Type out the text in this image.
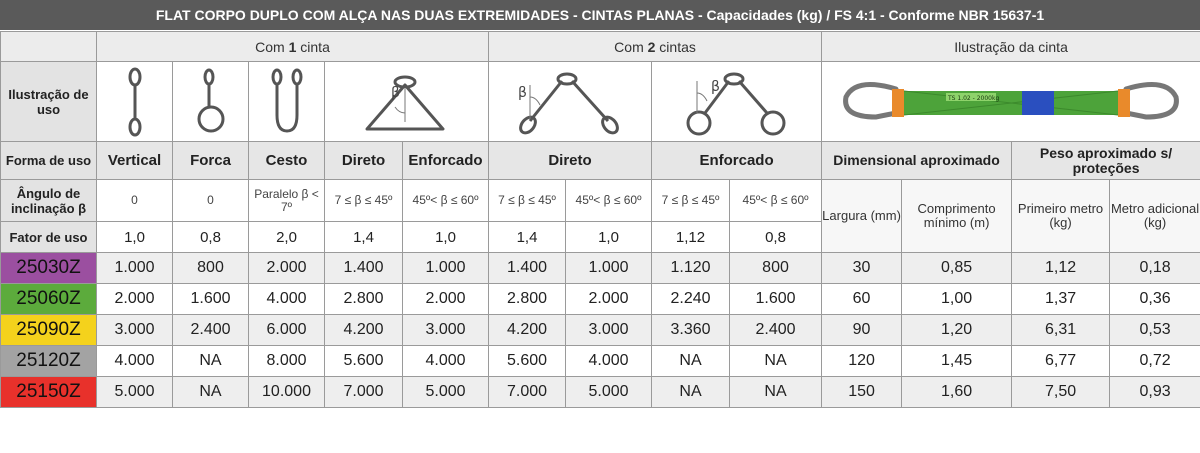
FLAT CORPO DUPLO COM ALÇA NAS DUAS EXTREMIDADES - CINTAS PLANAS - Capacidades (kg) / FS 4:1 - Conforme NBR 15637-1
	Com 1 cinta					Com 2 cintas				Ilustração da cinta			
Ilustração de uso				β		β		β		TS 1.02 - 2000kg			

Forma de uso	Vertical	Forca	Cesto	Direto	Enforcado	Direto		Enforcado		Dimensional aproximado		Peso aproximado s/ proteções	
Ângulo de inclinação β	0	0	Paralelo β < 7º	7 ≤ β ≤ 45º	45º< β ≤ 60º	7 ≤ β ≤ 45º	45º< β ≤ 60º	7 ≤ β ≤ 45º	45º< β ≤ 60º	Largura (mm)	Comprimento mínimo (m)	Primeiro metro (kg)	Metro adicional (kg)
Fator de uso	1,0	0,8	2,0	1,4	1,0	1,4	1,0	1,12	0,8				
25030Z	1.000	800	2.000	1.400	1.000	1.400	1.000	1.120	800	30	0,85	1,12	0,18
25060Z	2.000	1.600	4.000	2.800	2.000	2.800	2.000	2.240	1.600	60	1,00	1,37	0,36
25090Z	3.000	2.400	6.000	4.200	3.000	4.200	3.000	3.360	2.400	90	1,20	6,31	0,53
25120Z	4.000	NA	8.000	5.600	4.000	5.600	4.000	NA	NA	120	1,45	6,77	0,72
25150Z	5.000	NA	10.000	7.000	5.000	7.000	5.000	NA	NA	150	1,60	7,50	0,93
